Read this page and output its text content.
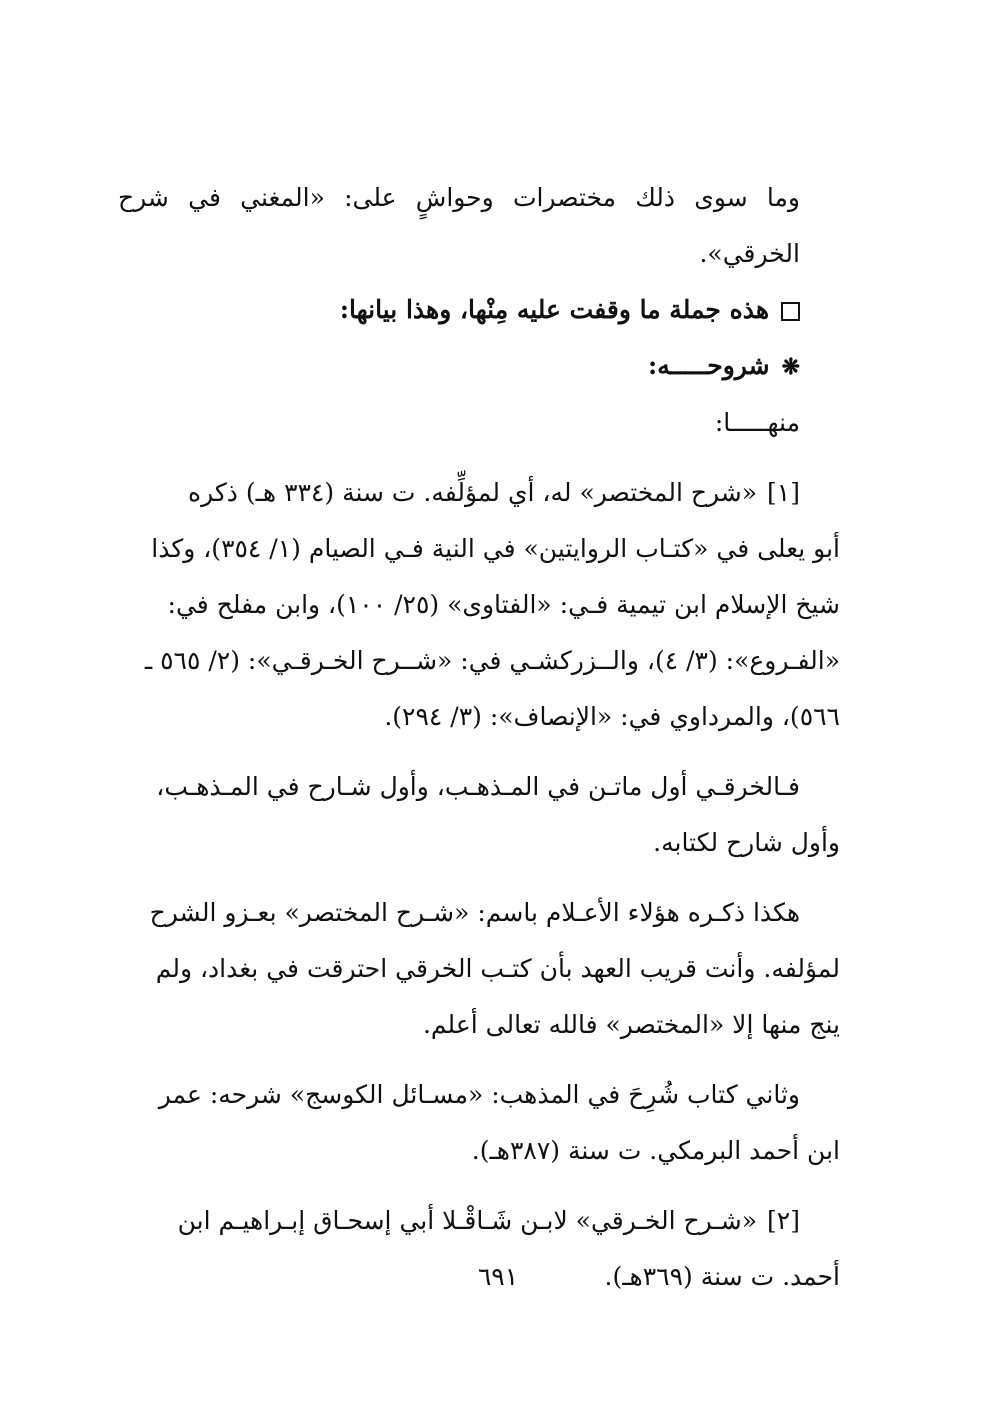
وما سوى ذلك مختصرات وحواشٍ على: «المغني في شرح الخرقي».

هذه جملة ما وقفت عليه مِنْها، وهذا بيانها:

❋شروحـــــه:

منهـــــا:

[١]«شرح المختصر» له، أي لمؤلِّفه. ت سنة (٣٣٤ هـ) ذكره

أبو يعلى في «كتـاب الروايتين» في النية فـي الصيام (١/ ٣٥٤)، وكذا

شيخ الإسلام ابن تيمية فـي: «الفتاوى» (٢٥/ ١٠٠)، وابن مفلح في:

«الفـروع»: (٣/ ٤)، والــزركشـي في: «شــرح الخـرقـي»: (٢/ ٥٦٥ ـ

٥٦٦)، والمرداوي في: «الإنصاف»: (٣/ ٢٩٤).

فـالخرقـي أول ماتـن في المـذهـب، وأول شـارح في المـذهـب،

وأول شارح لكتابه.

هكذا ذكـره هؤلاء الأعـلام باسم: «شـرح المختصر» بعـزو الشرح

لمؤلفه. وأنت قريب العهد بأن كتـب الخرقي احترقت في بغداد، ولم

ينج منها إلا «المختصر» فالله تعالى أعلم.

وثاني كتاب شُرِحَ في المذهب: «مسـائل الكوسج» شرحه: عمر

ابن أحمد البرمكي. ت سنة (٣٨٧هـ).

[٢]«شـرح الخـرقي» لابـن شَـاقْـلا أبي إسحـاق إبـراهيـم ابن

أحمد. ت سنة (٣٦٩هـ).

٦٩١
